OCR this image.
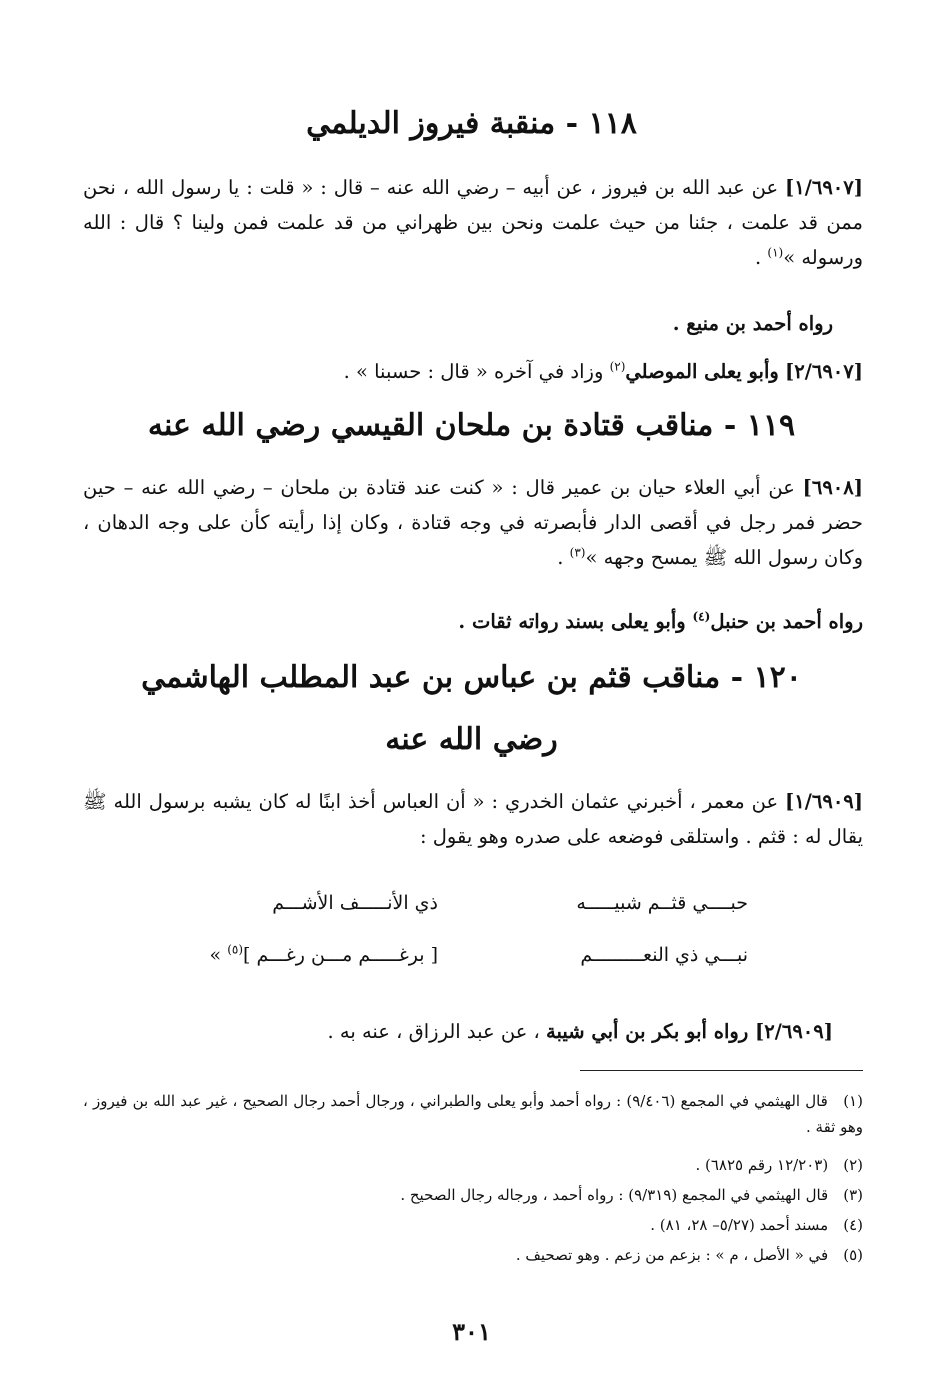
١١٨ - منقبة فيروز الديلمي
[١/٦٩٠٧] عن عبد الله بن فيروز ، عن أبيه – رضي الله عنه – قال : « قلت : يا رسول الله ، نحن ممن قد علمت ، جئنا من حيث علمت ونحن بين ظهراني من قد علمت فمن ولينا ؟ قال : الله ورسوله »$^{(١)}$ .
رواه أحمد بن منيع .
[٢/٦٩٠٧] وأبو يعلى الموصلي$^{(٢)}$ وزاد في آخره « قال : حسبنا » .
١١٩ - مناقب قتادة بن ملحان القيسي رضي الله عنه
[٦٩٠٨] عن أبي العلاء حيان بن عمير قال : « كنت عند قتادة بن ملحان – رضي الله عنه – حين حضر فمر رجل في أقصى الدار فأبصرته في وجه قتادة ، وكان إذا رأيته كأن على وجه الدهان ، وكان رسول الله ﷺ يمسح وجهه »$^{(٣)}$ .
رواه أحمد بن حنبل$^{(٤)}$ وأبو يعلى بسند رواته ثقات .
١٢٠ - مناقب قثم بن عباس بن عبد المطلب الهاشمي
رضي الله عنه
[١/٦٩٠٩] عن معمر ، أخبرني عثمان الخدري : « أن العباس أخذ ابنًا له كان يشبه برسول الله ﷺ يقال له : قثم . واستلقى فوضعه على صدره وهو يقول :
حبــــي قثــم شبيـــــه
ذي الأنـــــف الأشـــم
نبـــي ذي النعـــــــــم
[ برغـــــم مـــن رغـــم ]$^{(٥)}$ »
[٢/٦٩٠٩] رواه أبو بكر بن أبي شيبة ، عن عبد الرزاق ، عنه به .
(١) قال الهيثمي في المجمع (٩/٤٠٦) : رواه أحمد وأبو يعلى والطبراني ، ورجال أحمد رجال الصحيح ، غير عبد الله بن فيروز ، وهو ثقة .
(٢) (١٢/٢٠٣ رقم ٦٨٢٥) .
(٣) قال الهيثمي في المجمع (٩/٣١٩) : رواه أحمد ، ورجاله رجال الصحيح .
(٤) مسند أحمد (٥/٢٧– ٢٨، ٨١) .
(٥) في « الأصل ، م » : بزعم من زعم . وهو تصحيف .
٣٠١
